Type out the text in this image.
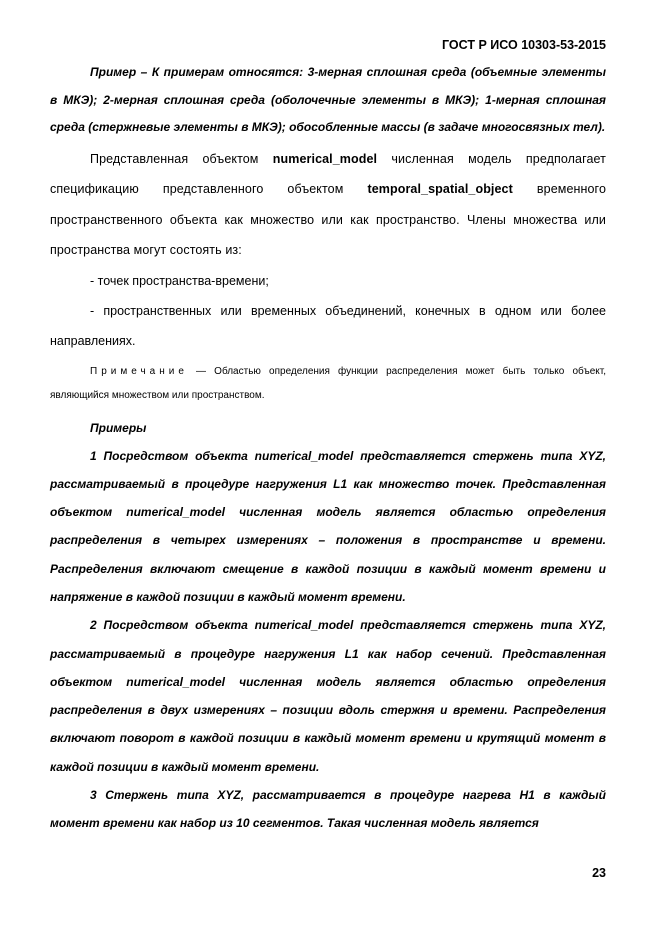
ГОСТ Р ИСО 10303-53-2015

Пример – К примерам относятся: 3-мерная сплошная среда (объемные элементы в МКЭ); 2-мерная сплошная среда (оболочечные элементы в МКЭ); 1-мерная сплошная среда (стержневые элементы в МКЭ); обособленные массы (в задаче многосвязных тел).

Представленная объектом numerical_model численная модель предполагает спецификацию представленного объектом temporal_spatial_object временного пространственного объекта как множество или как пространство. Члены множества или пространства могут состоять из:

- точек пространства-времени;

- пространственных или временных объединений, конечных в одном или более направлениях.

Примечание — Областью определения функции распределения может быть только объект, являющийся множеством или пространством.

Примеры

1 Посредством объекта numerical_model представляется стержень типа XYZ, рассматриваемый в процедуре нагружения L1 как множество точек. Представленная объектом numerical_model численная модель является областью определения распределения в четырех измерениях – положения в пространстве и времени. Распределения включают смещение в каждой позиции в каждый момент времени и напряжение в каждой позиции в каждый момент времени.

2 Посредством объекта numerical_model представляется стержень типа XYZ, рассматриваемый в процедуре нагружения L1 как набор сечений. Представленная объектом numerical_model численная модель является областью определения распределения в двух измерениях – позиции вдоль стержня и времени. Распределения включают поворот в каждой позиции в каждый момент времени и крутящий момент в каждой позиции в каждый момент времени.

3 Стержень типа XYZ, рассматривается в процедуре нагрева H1 в каждый момент времени как набор из 10 сегментов. Такая численная модель является

23
